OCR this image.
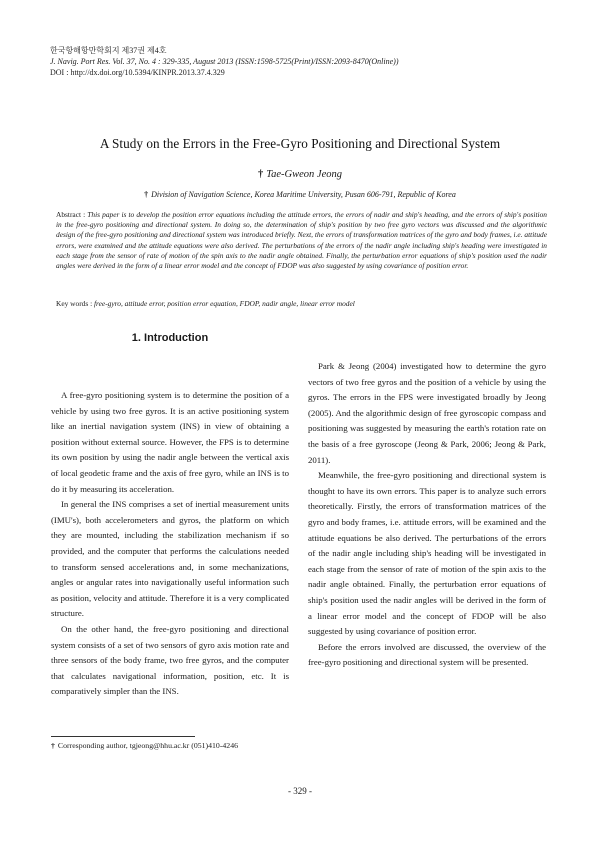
한국항해항만학회지 제37권 제4호
J. Navig. Port Res. Vol. 37, No. 4 : 329-335, August 2013 (ISSN:1598-5725(Print)/ISSN:2093-8470(Online))
DOI : http://dx.doi.org/10.5394/KINPR.2013.37.4.329
A Study on the Errors in the Free-Gyro Positioning and Directional System
† Tae-Gweon Jeong
† Division of Navigation Science, Korea Maritime University, Pusan 606-791, Republic of Korea
Abstract : This paper is to develop the position error equations including the attitude errors, the errors of nadir and ship's heading, and the errors of ship's position in the free-gyro positioning and directional system. In doing so, the determination of ship's position by two free gyro vectors was discussed and the algorithmic design of the free-gyro positioning and directional system was introduced briefly. Next, the errors of transformation matrices of the gyro and body frames, i.e. attitude errors, were examined and the attitude equations were also derived. The perturbations of the errors of the nadir angle including ship's heading were investigated in each stage from the sensor of rate of motion of the spin axis to the nadir angle obtained. Finally, the perturbation error equations of ship's position used the nadir angles were derived in the form of a linear error model and the concept of FDOP was also suggested by using covariance of position error.
Key words : free-gyro, attitude error, position error equation, FDOP, nadir angle, linear error model
1. Introduction

A free-gyro positioning system is to determine the position of a vehicle by using two free gyros. It is an active positioning system like an inertial navigation system (INS) in view of obtaining a position without external source. However, the FPS is to determine its own position by using the nadir angle between the vertical axis of local geodetic frame and the axis of free gyro, while an INS is to do it by measuring its acceleration.

In general the INS comprises a set of inertial measurement units (IMU's), both accelerometers and gyros, the platform on which they are mounted, including the stabilization mechanism if so provided, and the computer that performs the calculations needed to transform sensed accelerations and, in some mechanizations, angles or angular rates into navigationally useful information such as position, velocity and attitude. Therefore it is a very complicated structure.

On the other hand, the free-gyro positioning and directional system consists of a set of two sensors of gyro axis motion rate and three sensors of the body frame, two free gyros, and the computer that calculates navigational information, position, etc. It is comparatively simpler than the INS.

Park & Jeong (2004) investigated how to determine the gyro vectors of two free gyros and the position of a vehicle by using the gyros. The errors in the FPS were investigated broadly by Jeong (2005). And the algorithmic design of free gyroscopic compass and positioning was suggested by measuring the earth's rotation rate on the basis of a free gyroscope (Jeong & Park, 2006; Jeong & Park, 2011).

Meanwhile, the free-gyro positioning and directional system is thought to have its own errors. This paper is to analyze such errors theoretically. Firstly, the errors of transformation matrices of the gyro and body frames, i.e. attitude errors, will be examined and the attitude equations be also derived. The perturbations of the errors of the nadir angle including ship's heading will be investigated in each stage from the sensor of rate of motion of the spin axis to the nadir angle obtained. Finally, the perturbation error equations of ship's position used the nadir angles will be derived in the form of a linear error model and the concept of FDOP will be also suggested by using covariance of position error.

Before the errors involved are discussed, the overview of the free-gyro positioning and directional system will be presented.

† Corresponding author, tgjeong@hhu.ac.kr (051)410-4246
- 329 -
